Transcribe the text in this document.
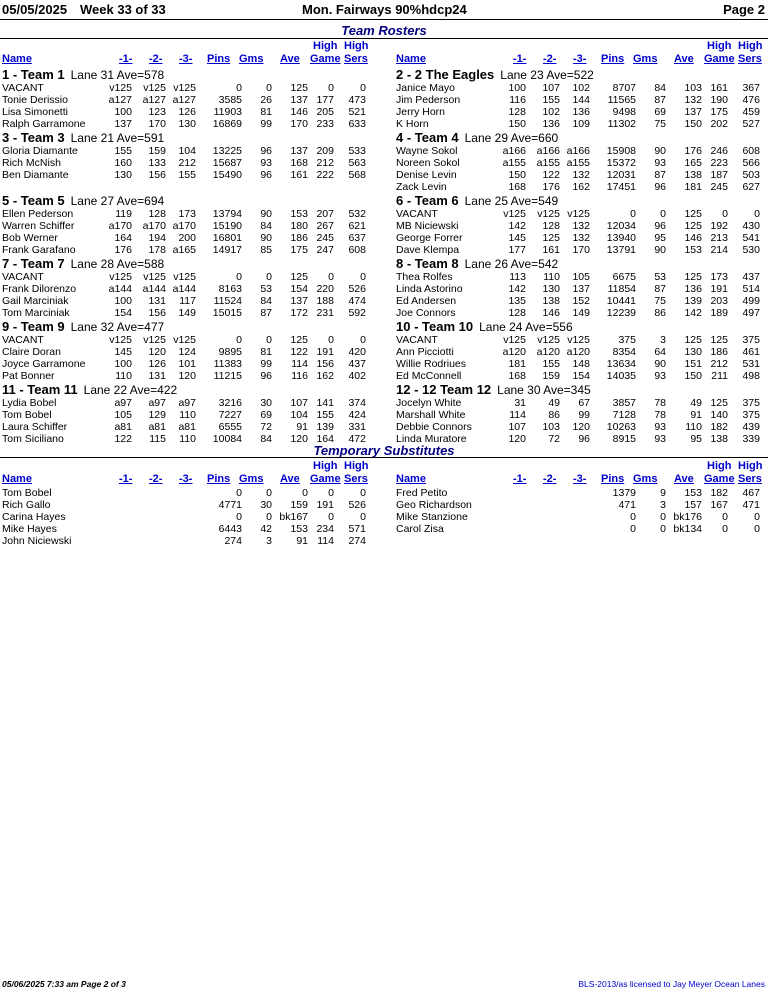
05/05/2025 Week 33 of 33	Mon. Fairways 90%hdcp24	Page 2
Team Rosters
Name	-1- -2- -3- Pins Gms Ave
High
Game
High
Sers
1 - Team 1 Lane 31 Ave=578
VACANT	v125 v125 v125	0 0 125 0 0
Tonie Derissio	a127 a127 a127 3585 26 137 177 473
Lisa Simonetti	100 123 126 11903 81 146 205 521
Ralph Garramone	137 170 130 16869 99 170 233 633
3 - Team 3 Lane 21 Ave=591
Gloria Diamante	155 159 104 13225 96 137 209 533
Rich McNish	160 133 212 15687 93 168 212 563
Ben Diamante	130 156 155 15490 96 161 222 568
5 - Team 5 Lane 27 Ave=694
Ellen Pederson	119 128 173 13794 90 153 207 532
Warren Schiffer	a170 a170 a170 15190 84 180 267 621
Bob Werner	164 194 200 16801 90 186 245 637
Frank Garafano	176 178 a165 14917 85 175 247 608
7 - Team 7 Lane 28 Ave=588
VACANT	v125 v125 v125	0 0 125 0 0
Frank Dilorenzo	a144 a144 a144 8163 53 154 220 526
Gail Marciniak	100 131 117 11524 84 137 188 474
Tom Marciniak	154 156 149 15015 87 172 231 592
9 - Team 9 Lane 32 Ave=477
VACANT	v125 v125 v125	0 0 125 0 0
Claire Doran	145 120 124 9895 81 122 191 420
Joyce Garramone	100 126 101 11383 99 114 156 437
Pat Bonner	110 131 120 11215 96 116 162 402
11 - Team 11 Lane 22 Ave=422
Lydia Bobel	a97 a97 a97 3216 30 107 141 374
Tom Bobel	105 129 110 7227 69 104 155 424
Laura Schiffer	a81 a81 a81 6555 72 91 139 331
Tom Siciliano	122 115 110 10084 84 120 164 472
Name	-1- -2- -3- Pins Gms Ave
High
Game
High
Sers
2 - 2 The Eagles Lane 23 Ave=522
Janice Mayo	100 107 102 8707 84 103 161 367
Jim Pederson	116 155 144 11565 87 132 190 476
Jerry Horn	128 102 136 9498 69 137 175 459
K Horn	150 136 109 11302 75 150 202 527
4 - Team 4 Lane 29 Ave=660
Wayne Sokol	a166 a166 a166 15908 90 176 246 608
Noreen Sokol	a155 a155 a155 15372 93 165 223 566
Denise Levin	150 122 132 12031 87 138 187 503
Zack Levin	168 176 162 17451 96 181 245 627
6 - Team 6 Lane 25 Ave=549
VACANT	v125 v125 v125	0 0 125 0 0
MB Niciewski	142 128 132 12034 96 125 192 430
George Forrer	145 125 132 13940 95 146 213 541
Dave Klempa	177 161 170 13791 90 153 214 530
8 - Team 8 Lane 26 Ave=542
Thea Rolfes	113 110 105 6675 53 125 173 437
Linda Astorino	142 130 137 11854 87 136 191 514
Ed Andersen	135 138 152 10441 75 139 203 499
Joe Connors	128 146 149 12239 86 142 189 497
10 - Team 10 Lane 24 Ave=556
VACANT	v125 v125 v125	375 3 125 125 375
Ann Picciotti	a120 a120 a120 8354 64 130 186 461
Willie Rodriues	181 155 148 13634 90 151 212 531
Ed McConnell	168 159 154 14035 93 150 211 498
12 - 12 Team 12 Lane 30 Ave=345
Jocelyn White	31 49 67 3857 78 49 125 375
Marshall White	114 86 99 7128 78 91 140 375
Debbie Connors	107 103 120 10263 93 110 182 439
Linda Muratore	120 72 96 8915 93 95 138 339
Temporary Substitutes
Name	-1- -2- -3- Pins Gms Ave
High
Game
High
Sers
Tom Bobel	0 0	0 0 0
Rich Gallo	4771 30 159 191 526
Carina Hayes	0 0 bk167 0 0
Mike Hayes	6443 42 153 234 571
John Niciewski	274 3 91 114 274
Name	-1- -2- -3- Pins Gms Ave
High
Game
High
Sers
Fred Petito	1379 9 153 182 467
Geo Richardson	471 3 157 167 471
Mike Stanzione	0 0 bk176 0 0
Carol Zisa	0 0 bk134 0 0
05/06/2025 7:33 am Page 2 of 3	BLS-2013/as licensed to Jay Meyer Ocean Lanes
